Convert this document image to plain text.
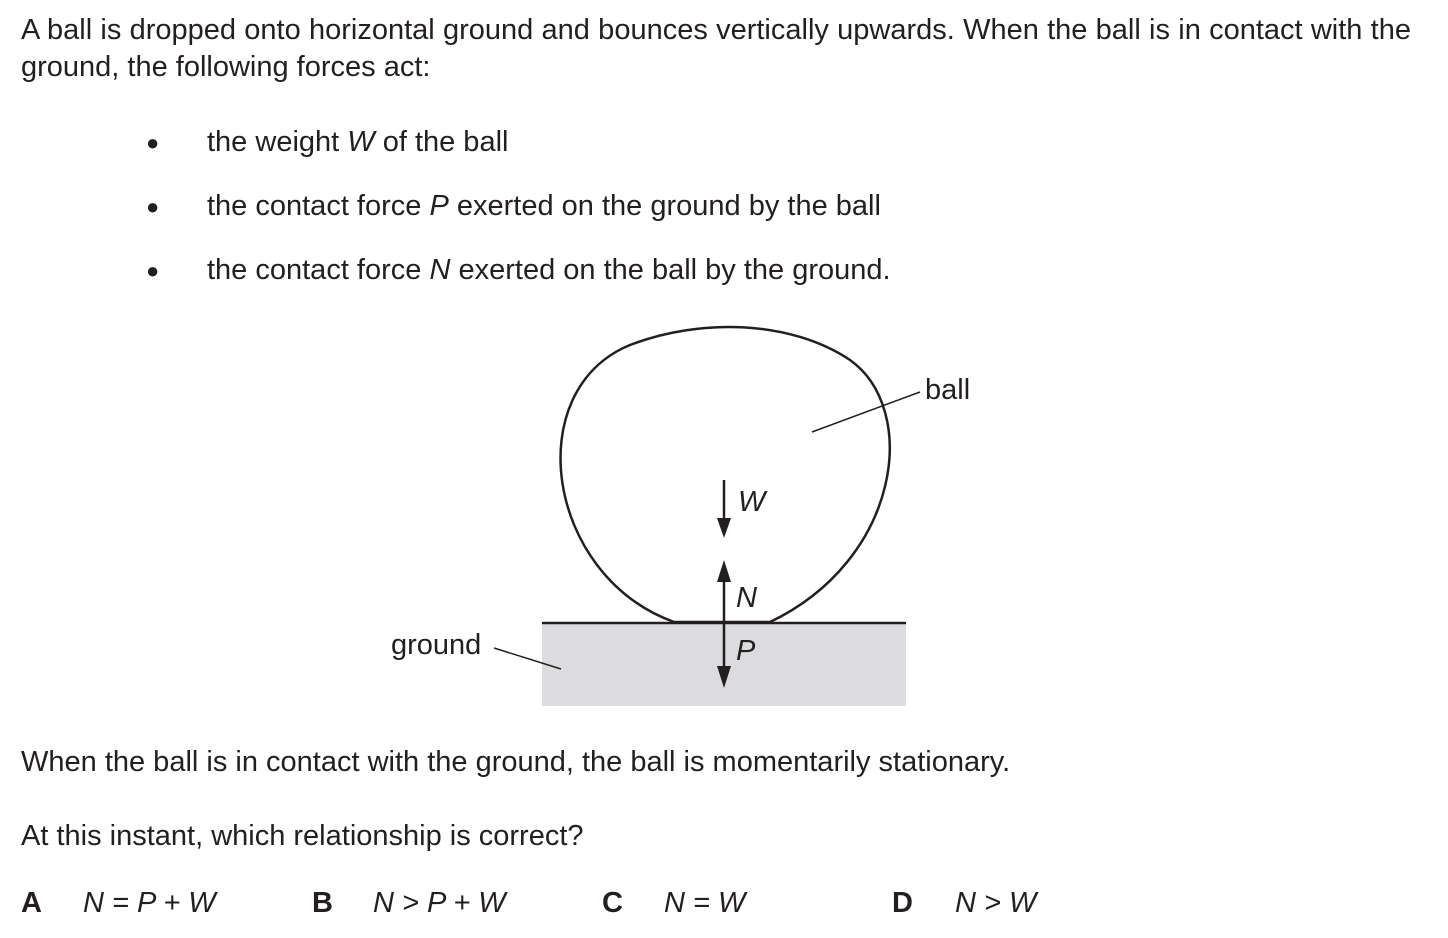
A ball is dropped onto horizontal ground and bounces vertically upwards. When the ball is in contact with the ground, the following forces act:

● the weight W of the ball
● the contact force P exerted on the ground by the ball
● the contact force N exerted on the ball by the ground.
ball
ground
W
N
P

When the ball is in contact with the ground, the ball is momentarily stationary.

At this instant, which relationship is correct?

A N = P + W	B N > P + W	C N = W	D N > W
